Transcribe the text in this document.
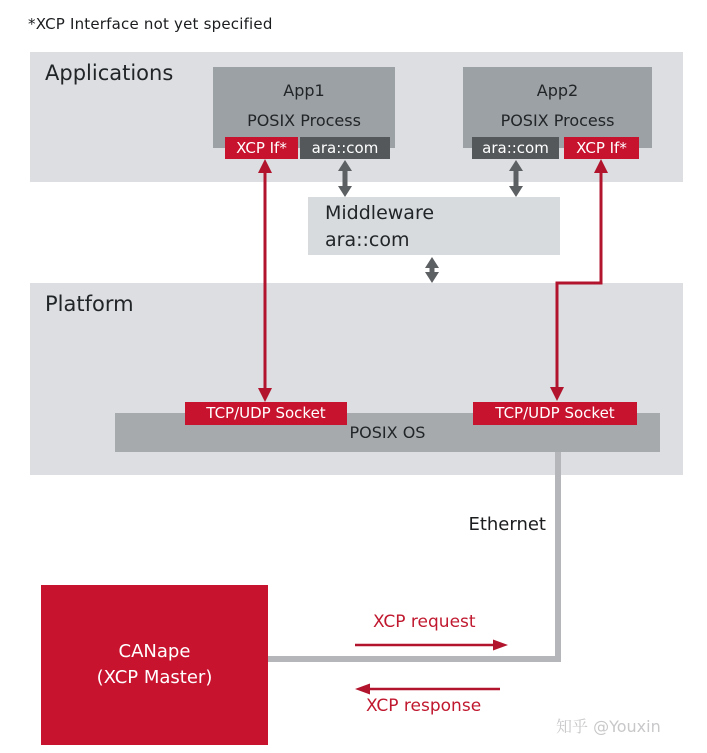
*XCP Interface not yet specified
Applications
Platform
App1
POSIX Process
XCP If*	ara::com
App2
POSIX Process
ara::com	XCP If*
Middleware
ara::com
POSIX OS
TCP/UDP Socket	TCP/UDP Socket
CANape
(XCP Master)
Ethernet
XCP request
XCP response
知乎 @Youxin
